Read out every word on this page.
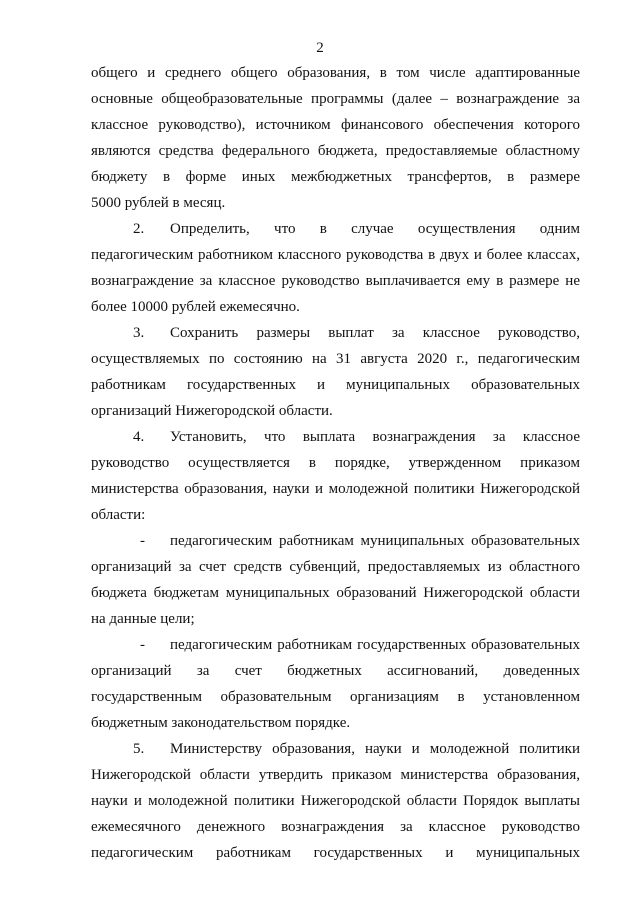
2
общего и среднего общего образования, в том числе адаптированные
основные общеобразовательные программы (далее – вознаграждение за
классное руководство), источником финансового обеспечения которого
являются средства федерального бюджета, предоставляемые областному
бюджету в форме иных межбюджетных трансфертов, в размере
5000 рублей в месяц.
2. Определить, что в случае осуществления одним
педагогическим работником классного руководства в двух и более классах,
вознаграждение за классное руководство выплачивается ему в размере не
более 10000 рублей ежемесячно.
3. Сохранить размеры выплат за классное руководство,
осуществляемых по состоянию на 31 августа 2020 г., педагогическим
работникам государственных и муниципальных образовательных
организаций Нижегородской области.
4. Установить, что выплата вознаграждения за классное
руководство осуществляется в порядке, утвержденном приказом
министерства образования, науки и молодежной политики Нижегородской
области:
- педагогическим работникам муниципальных образовательных
организаций за счет средств субвенций, предоставляемых из областного
бюджета бюджетам муниципальных образований Нижегородской области
на данные цели;
- педагогическим работникам государственных образовательных
организаций за счет бюджетных ассигнований, доведенных
государственным образовательным организациям в установленном
бюджетным законодательством порядке.
5. Министерству образования, науки и молодежной политики
Нижегородской области утвердить приказом министерства образования,
науки и молодежной политики Нижегородской области Порядок выплаты
ежемесячного денежного вознаграждения за классное руководство
педагогическим работникам государственных и муниципальных
